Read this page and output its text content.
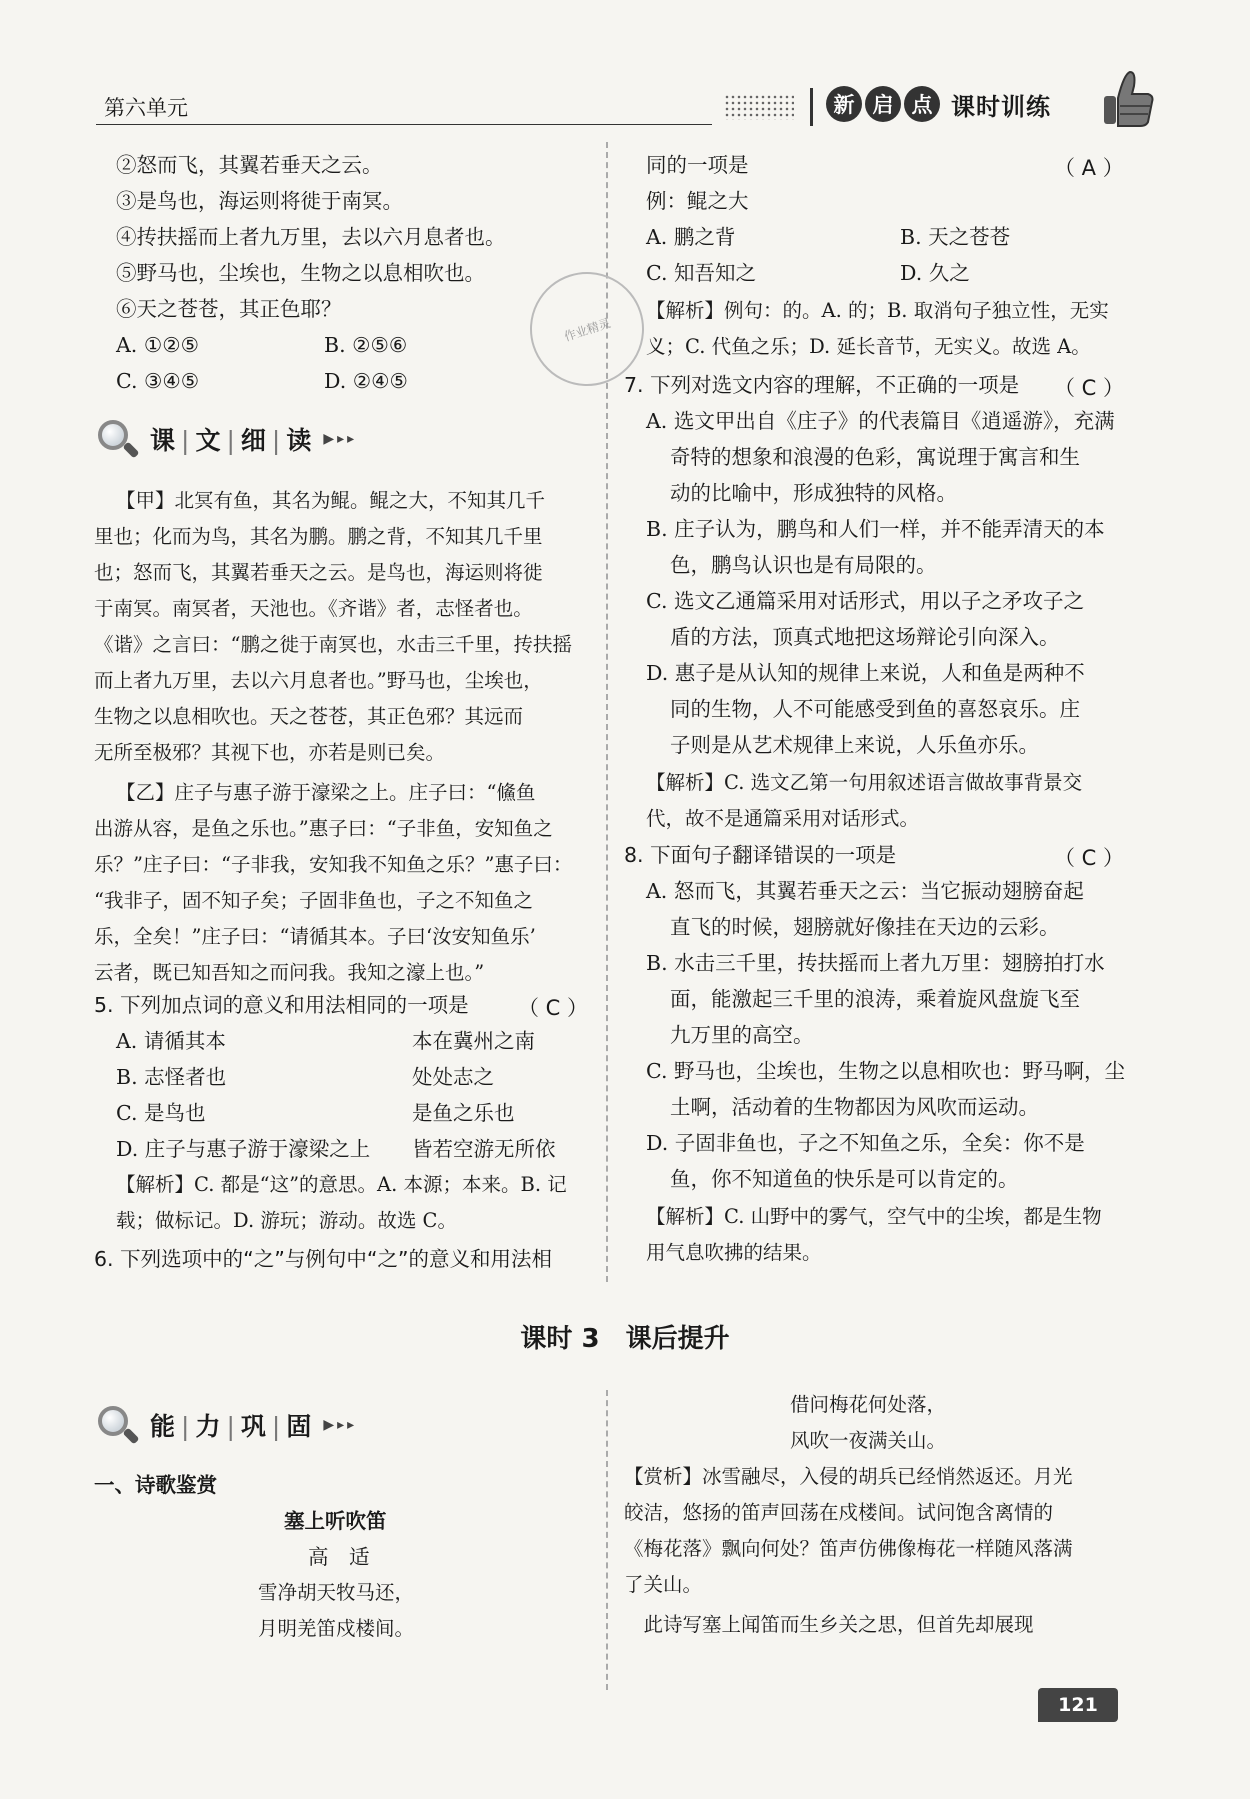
第六单元	新 启 点 课时训练
作业精灵
②怒而飞，其翼若垂天之云。
③是鸟也，海运则将徙于南冥。
④抟扶摇而上者九万里，去以六月息者也。
⑤野马也，尘埃也，生物之以息相吹也。
⑥天之苍苍，其正色耶？
A. ①②⑤	B. ②⑤⑥
C. ③④⑤	D. ②④⑤
课 | 文 | 细 | 读 ▶▸▸
【甲】北冥有鱼，其名为鲲。鲲之大，不知其几千
里也；化而为鸟，其名为鹏。鹏之背，不知其几千里
也；怒而飞，其翼若垂天之云。是鸟也，海运则将徙
于南冥。南冥者，天池也。《齐谐》者，志怪者也。
《谐》之言曰：“鹏之徙于南冥也，水击三千里，抟扶摇
而上者九万里，去以六月息者也。”野马也，尘埃也，
生物之以息相吹也。天之苍苍，其正色邪？其远而
无所至极邪？其视下也，亦若是则已矣。
【乙】庄子与惠子游于濠梁之上。庄子曰：“鯈鱼
出游从容，是鱼之乐也。”惠子曰：“子非鱼，安知鱼之
乐？”庄子曰：“子非我，安知我不知鱼之乐？”惠子曰：
“我非子，固不知子矣；子固非鱼也，子之不知鱼之
乐，全矣！”庄子曰：“请循其本。子曰‘汝安知鱼乐’
云者，既已知吾知之而问我。我知之濠上也。”
5. 下列加点词的意义和用法相同的一项是 （ C ）
A. 请循其本	本在冀州之南
B. 志怪者也	处处志之
C. 是鸟也	是鱼之乐也
D. 庄子与惠子游于濠梁之上 皆若空游无所依
【解析】C. 都是“这”的意思。A. 本源；本来。B. 记
载；做标记。D. 游玩；游动。故选 C。
6. 下列选项中的“之”与例句中“之”的意义和用法相
同的一项是	（ A ）
例：鲲之大
A. 鹏之背	B. 天之苍苍
C. 知吾知之	D. 久之
【解析】例句：的。A. 的；B. 取消句子独立性，无实
义；C. 代鱼之乐；D. 延长音节，无实义。故选 A。
7. 下列对选文内容的理解，不正确的一项是 （ C ）
A. 选文甲出自《庄子》的代表篇目《逍遥游》，充满
奇特的想象和浪漫的色彩，寓说理于寓言和生
动的比喻中，形成独特的风格。
B. 庄子认为，鹏鸟和人们一样，并不能弄清天的本
色，鹏鸟认识也是有局限的。
C. 选文乙通篇采用对话形式，用以子之矛攻子之
盾的方法，顶真式地把这场辩论引向深入。
D. 惠子是从认知的规律上来说，人和鱼是两种不
同的生物，人不可能感受到鱼的喜怒哀乐。庄
子则是从艺术规律上来说，人乐鱼亦乐。
【解析】C. 选文乙第一句用叙述语言做故事背景交
代，故不是通篇采用对话形式。
8. 下面句子翻译错误的一项是	（ C ）
A. 怒而飞，其翼若垂天之云：当它振动翅膀奋起
直飞的时候，翅膀就好像挂在天边的云彩。
B. 水击三千里，抟扶摇而上者九万里：翅膀拍打水
面，能激起三千里的浪涛，乘着旋风盘旋飞至
九万里的高空。
C. 野马也，尘埃也，生物之以息相吹也：野马啊，尘
土啊，活动着的生物都因为风吹而运动。
D. 子固非鱼也，子之不知鱼之乐，全矣：你不是
鱼，你不知道鱼的快乐是可以肯定的。
【解析】C. 山野中的雾气，空气中的尘埃，都是生物
用气息吹拂的结果。
课时 3　课后提升
能 | 力 | 巩 | 固 ▶▸▸
一、诗歌鉴赏
塞上听吹笛
高　适
雪净胡天牧马还，
月明羌笛戍楼间。
借问梅花何处落，
风吹一夜满关山。
【赏析】冰雪融尽，入侵的胡兵已经悄然返还。月光
皎洁，悠扬的笛声回荡在戍楼间。试问饱含离情的
《梅花落》飘向何处？笛声仿佛像梅花一样随风落满
了关山。
　此诗写塞上闻笛而生乡关之思，但首先却展现
121
